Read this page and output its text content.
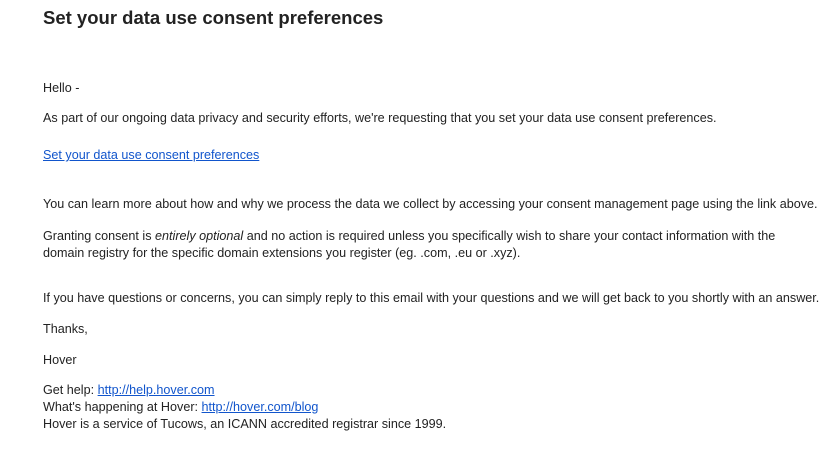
Set your data use consent preferences

Hello -

As part of our ongoing data privacy and security efforts, we're requesting that you set your data use consent preferences.

Set your data use consent preferences

You can learn more about how and why we process the data we collect by accessing your consent management page using the link above.

Granting consent is entirely optional and no action is required unless you specifically wish to share your contact information with the domain registry for the specific domain extensions you register (eg. .com, .eu or .xyz).

If you have questions or concerns, you can simply reply to this email with your questions and we will get back to you shortly with an answer.

Thanks,

Hover

Get help: http://help.hover.com
What's happening at Hover: http://hover.com/blog
Hover is a service of Tucows, an ICANN accredited registrar since 1999.
